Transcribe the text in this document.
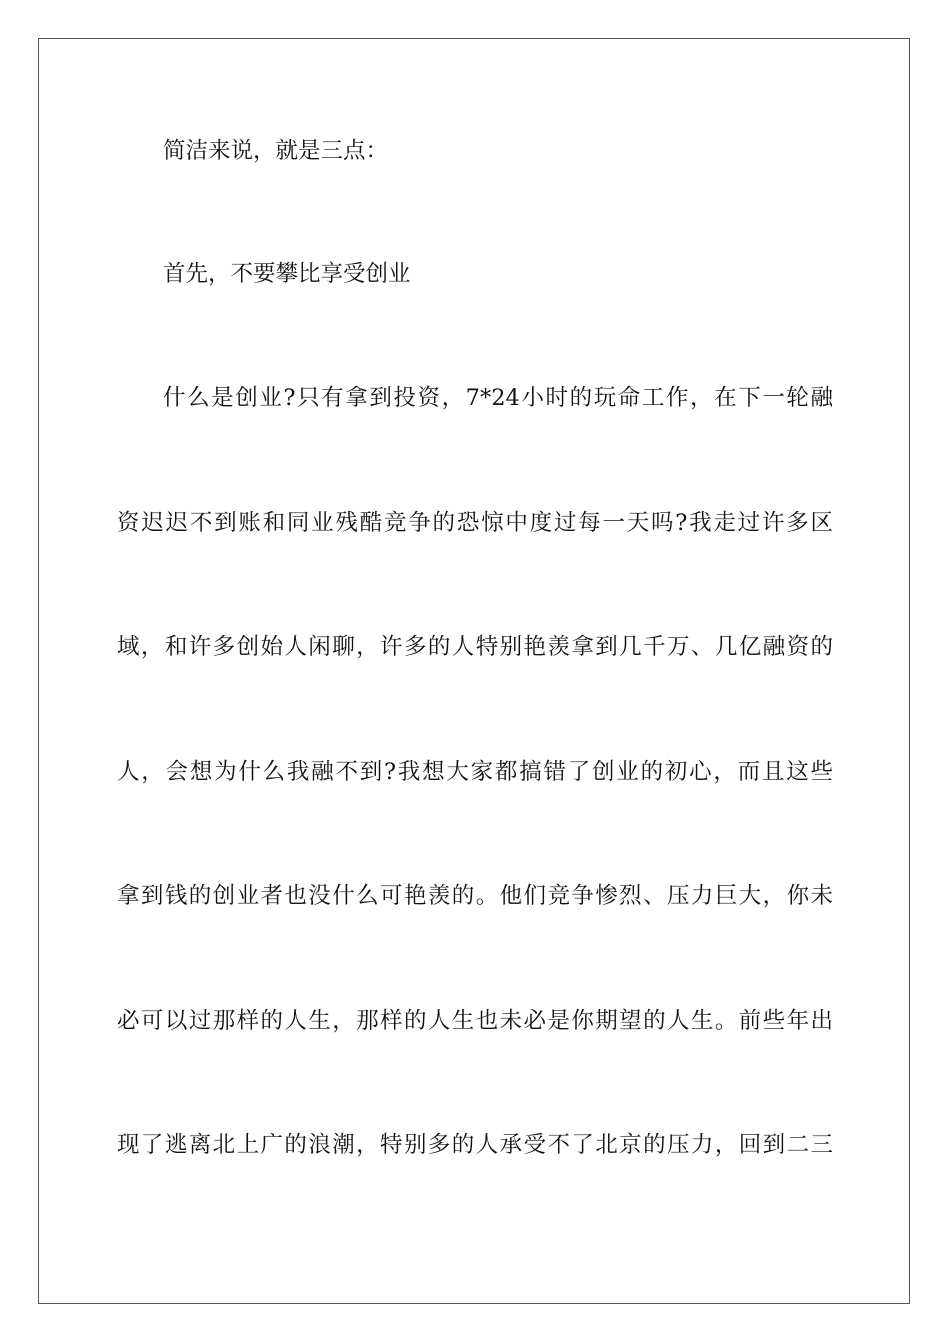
简洁来说，就是三点：
首先，不要攀比享受创业
什么是创业?只有拿到投资，7*24小时的玩命工作，在下一轮融
资迟迟不到账和同业残酷竞争的恐惊中度过每一天吗?我走过许多区
域，和许多创始人闲聊，许多的人特别艳羡拿到几千万、几亿融资的
人，会想为什么我融不到?我想大家都搞错了创业的初心，而且这些
拿到钱的创业者也没什么可艳羡的。他们竞争惨烈、压力巨大，你未
必可以过那样的人生，那样的人生也未必是你期望的人生。前些年出
现了逃离北上广的浪潮，特别多的人承受不了北京的压力，回到二三
